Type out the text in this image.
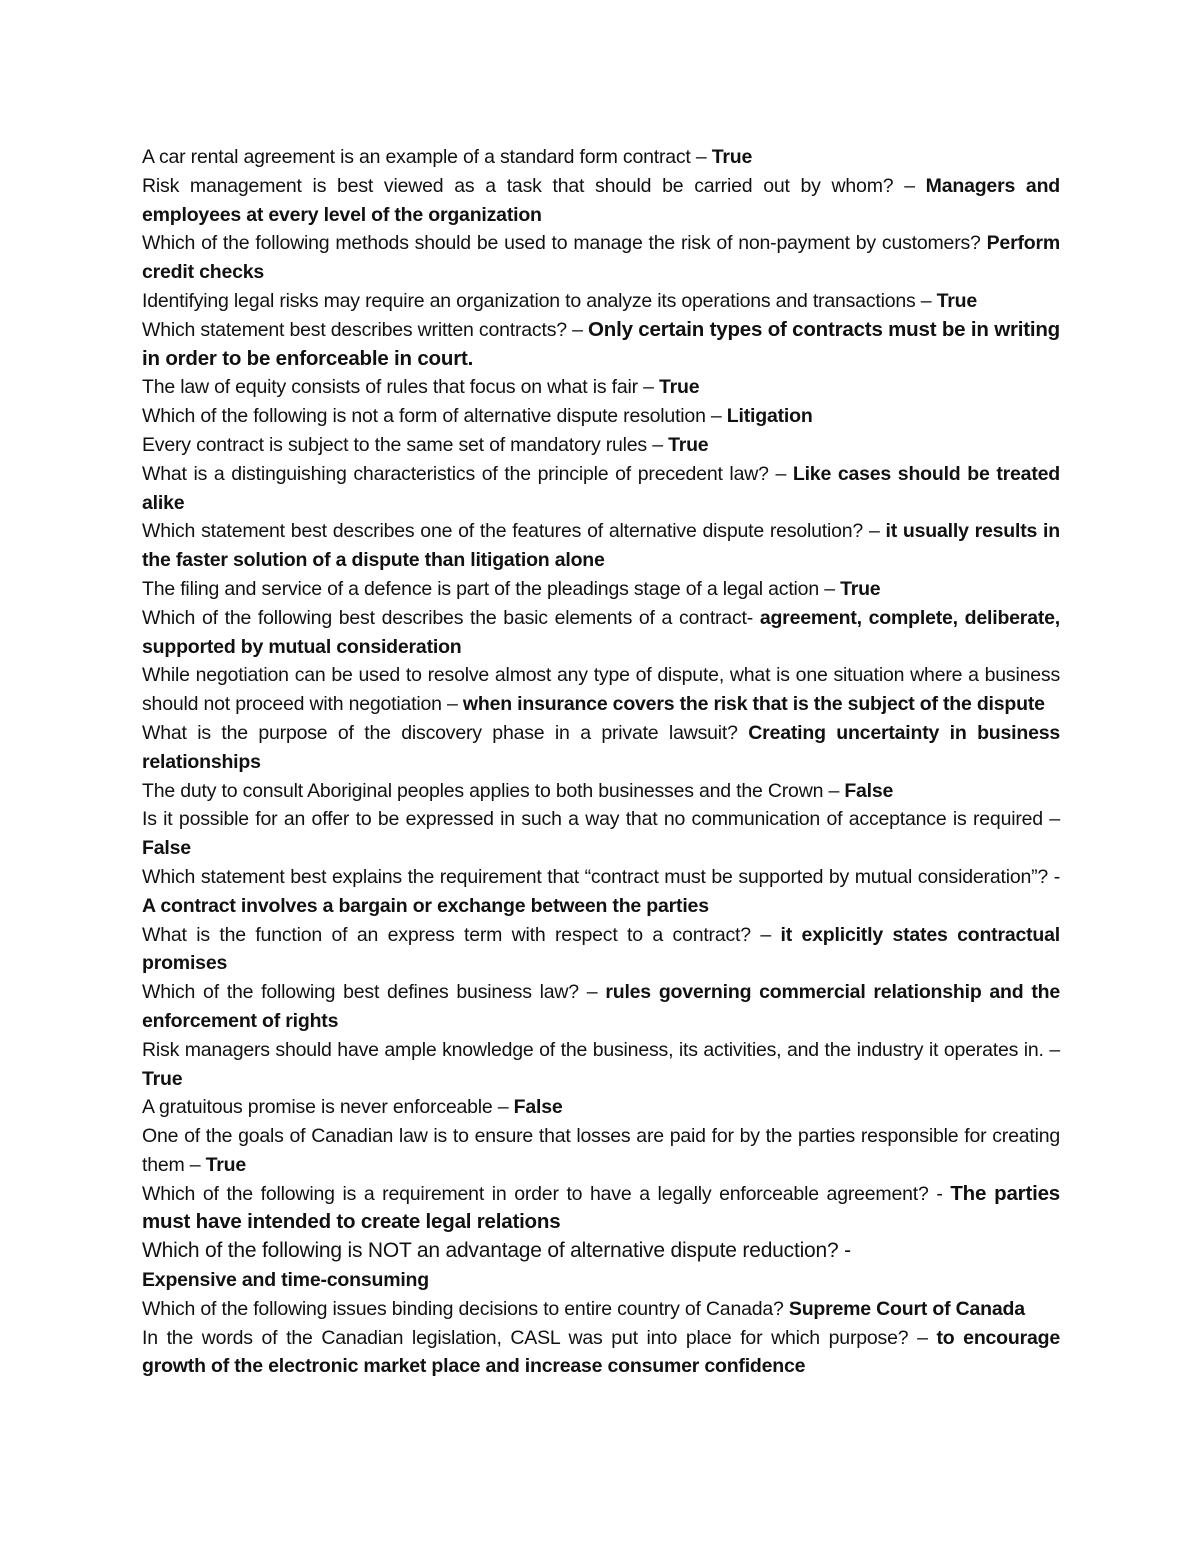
A car rental agreement is an example of a standard form contract – True

Risk management is best viewed as a task that should be carried out by whom? – Managers and employees at every level of the organization

Which of the following methods should be used to manage the risk of non-payment by customers? Perform credit checks

Identifying legal risks may require an organization to analyze its operations and transactions – True

Which statement best describes written contracts? – Only certain types of contracts must be in writing in order to be enforceable in court.

The law of equity consists of rules that focus on what is fair – True

Which of the following is not a form of alternative dispute resolution – Litigation

Every contract is subject to the same set of mandatory rules – True

What is a distinguishing characteristics of the principle of precedent law? – Like cases should be treated alike

Which statement best describes one of the features of alternative dispute resolution? – it usually results in the faster solution of a dispute than litigation alone

The filing and service of a defence is part of the pleadings stage of a legal action – True

Which of the following best describes the basic elements of a contract- agreement, complete, deliberate, supported by mutual consideration

While negotiation can be used to resolve almost any type of dispute, what is one situation where a business should not proceed with negotiation – when insurance covers the risk that is the subject of the dispute

What is the purpose of the discovery phase in a private lawsuit? Creating uncertainty in business relationships

The duty to consult Aboriginal peoples applies to both businesses and the Crown – False

Is it possible for an offer to be expressed in such a way that no communication of acceptance is required – False

Which statement best explains the requirement that “contract must be supported by mutual consideration”? - A contract involves a bargain or exchange between the parties

What is the function of an express term with respect to a contract? – it explicitly states contractual promises

Which of the following best defines business law? – rules governing commercial relationship and the enforcement of rights

Risk managers should have ample knowledge of the business, its activities, and the industry it operates in. – True

A gratuitous promise is never enforceable – False

One of the goals of Canadian law is to ensure that losses are paid for by the parties responsible for creating them – True

Which of the following is a requirement in order to have a legally enforceable agreement? - The parties must have intended to create legal relations

Which of the following is NOT an advantage of alternative dispute reduction? -
Expensive and time-consuming

Which of the following issues binding decisions to entire country of Canada? Supreme Court of Canada

In the words of the Canadian legislation, CASL was put into place for which purpose? – to encourage growth of the electronic market place and increase consumer confidence
